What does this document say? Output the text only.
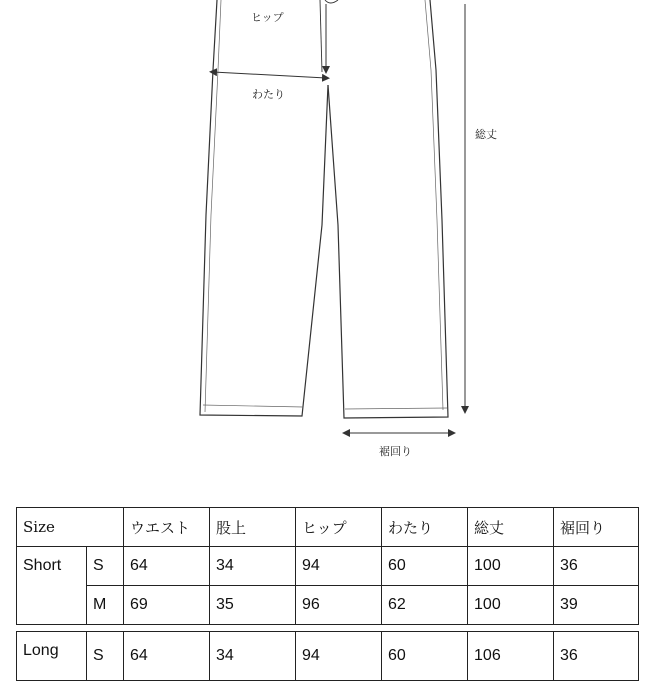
ヒップ
わたり
総丈
裾回り
Size		ウエスト	股上	ヒップ	わたり	総丈	裾回り
Short	S	64	34	94	60	100	36
	M	69	35	96	62	100	39

Long	S	64	34	94	60	106	36
